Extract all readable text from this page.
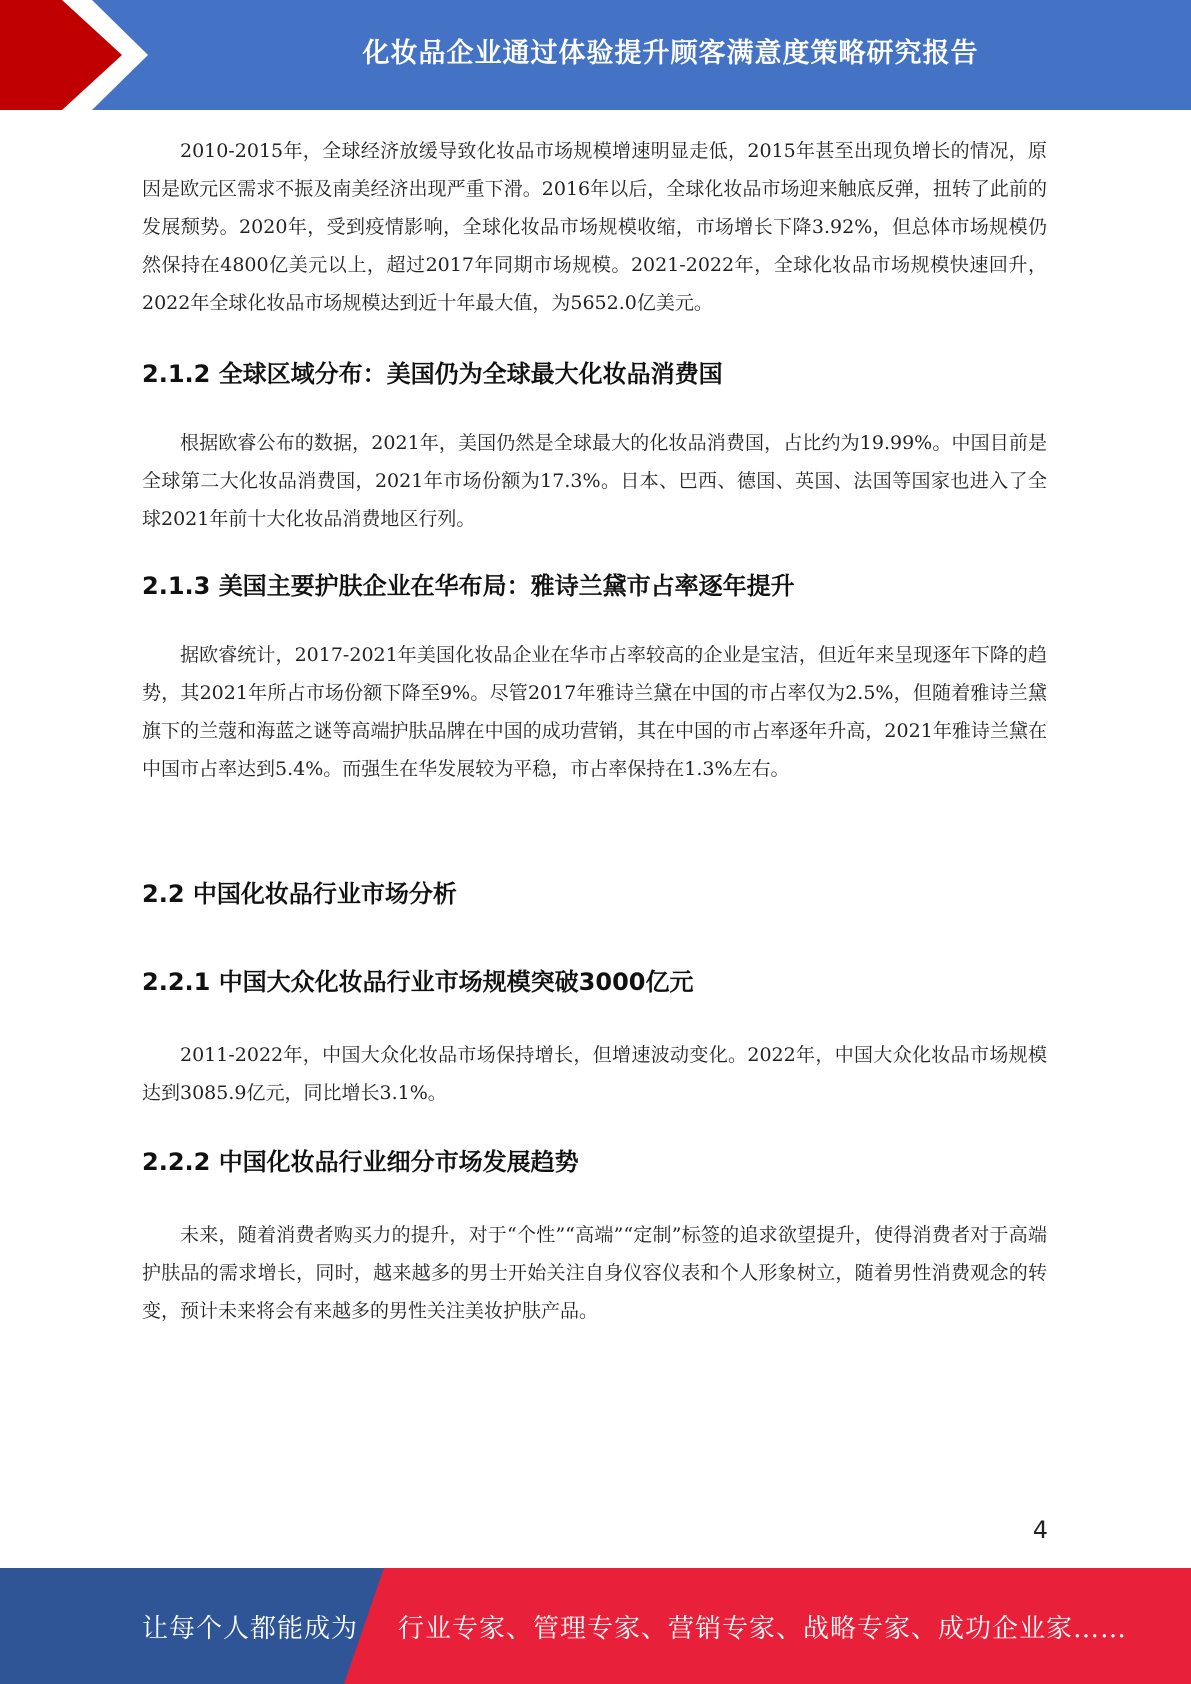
化妆品企业通过体验提升顾客满意度策略研究报告

2010-2015年，全球经济放缓导致化妆品市场规模增速明显走低，2015年甚至出现负增长的情况，原因是欧元区需求不振及南美经济出现严重下滑。2016年以后，全球化妆品市场迎来触底反弹，扭转了此前的发展颓势。2020年，受到疫情影响，全球化妆品市场规模收缩，市场增长下降3.92%，但总体市场规模仍然保持在4800亿美元以上，超过2017年同期市场规模。2021-2022年，全球化妆品市场规模快速回升，2022年全球化妆品市场规模达到近十年最大值，为5652.0亿美元。

2.1.2 全球区域分布：美国仍为全球最大化妆品消费国

根据欧睿公布的数据，2021年，美国仍然是全球最大的化妆品消费国，占比约为19.99%。中国目前是全球第二大化妆品消费国，2021年市场份额为17.3%。日本、巴西、德国、英国、法国等国家也进入了全球2021年前十大化妆品消费地区行列。

2.1.3 美国主要护肤企业在华布局：雅诗兰黛市占率逐年提升

据欧睿统计，2017-2021年美国化妆品企业在华市占率较高的企业是宝洁，但近年来呈现逐年下降的趋势，其2021年所占市场份额下降至9%。尽管2017年雅诗兰黛在中国的市占率仅为2.5%，但随着雅诗兰黛旗下的兰蔻和海蓝之谜等高端护肤品牌在中国的成功营销，其在中国的市占率逐年升高，2021年雅诗兰黛在中国市占率达到5.4%。而强生在华发展较为平稳，市占率保持在1.3%左右。

2.2 中国化妆品行业市场分析
2.2.1 中国大众化妆品行业市场规模突破3000亿元

2011-2022年，中国大众化妆品市场保持增长，但增速波动变化。2022年，中国大众化妆品市场规模达到3085.9亿元，同比增长3.1%。

2.2.2 中国化妆品行业细分市场发展趋势

未来，随着消费者购买力的提升，对于“个性”“高端”“定制”标签的追求欲望提升，使得消费者对于高端护肤品的需求增长，同时，越来越多的男士开始关注自身仪容仪表和个人形象树立，随着男性消费观念的转变，预计未来将会有来越多的男性关注美妆护肤产品。

4
让每个人都能成为 行业专家、管理专家、营销专家、战略专家、成功企业家……
